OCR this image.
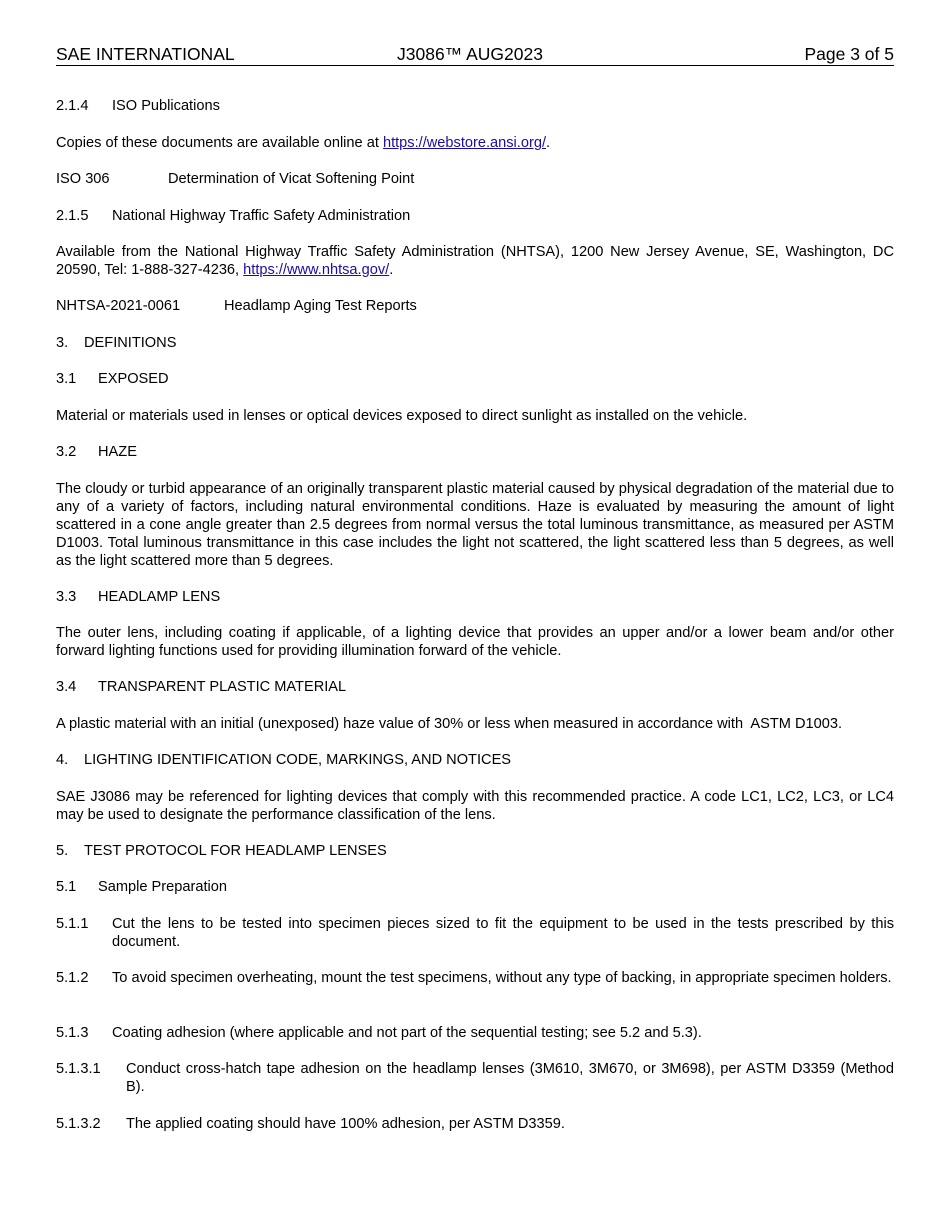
SAE INTERNATIONAL	J3086™ AUG2023	Page 3 of 5
2.1.4 ISO Publications
Copies of these documents are available online at https://webstore.ansi.org/.
ISO 306	Determination of Vicat Softening Point
2.1.5 National Highway Traffic Safety Administration
Available from the National Highway Traffic Safety Administration (NHTSA), 1200 New Jersey Avenue, SE, Washington, DC 20590, Tel: 1-888-327-4236, https://www.nhtsa.gov/.
NHTSA-2021-0061	Headlamp Aging Test Reports
3. DEFINITIONS
3.1 EXPOSED
Material or materials used in lenses or optical devices exposed to direct sunlight as installed on the vehicle.
3.2 HAZE
The cloudy or turbid appearance of an originally transparent plastic material caused by physical degradation of the material due to any of a variety of factors, including natural environmental conditions. Haze is evaluated by measuring the amount of light scattered in a cone angle greater than 2.5 degrees from normal versus the total luminous transmittance, as measured per ASTM D1003. Total luminous transmittance in this case includes the light not scattered, the light scattered less than 5 degrees, as well as the light scattered more than 5 degrees.
3.3 HEADLAMP LENS
The outer lens, including coating if applicable, of a lighting device that provides an upper and/or a lower beam and/or other forward lighting functions used for providing illumination forward of the vehicle.
3.4 TRANSPARENT PLASTIC MATERIAL
A plastic material with an initial (unexposed) haze value of 30% or less when measured in accordance with  ASTM D1003.
4. LIGHTING IDENTIFICATION CODE, MARKINGS, AND NOTICES
SAE J3086 may be referenced for lighting devices that comply with this recommended practice. A code LC1, LC2, LC3, or LC4 may be used to designate the performance classification of the lens.
5. TEST PROTOCOL FOR HEADLAMP LENSES
5.1 Sample Preparation
5.1.1 Cut the lens to be tested into specimen pieces sized to fit the equipment to be used in the tests prescribed by this document.
5.1.2 To avoid specimen overheating, mount the test specimens, without any type of backing, in appropriate specimen holders.
5.1.3 Coating adhesion (where applicable and not part of the sequential testing; see 5.2 and 5.3).
5.1.3.1 Conduct cross-hatch tape adhesion on the headlamp lenses (3M610, 3M670, or 3M698), per ASTM D3359 (Method B).
5.1.3.2 The applied coating should have 100% adhesion, per ASTM D3359.
